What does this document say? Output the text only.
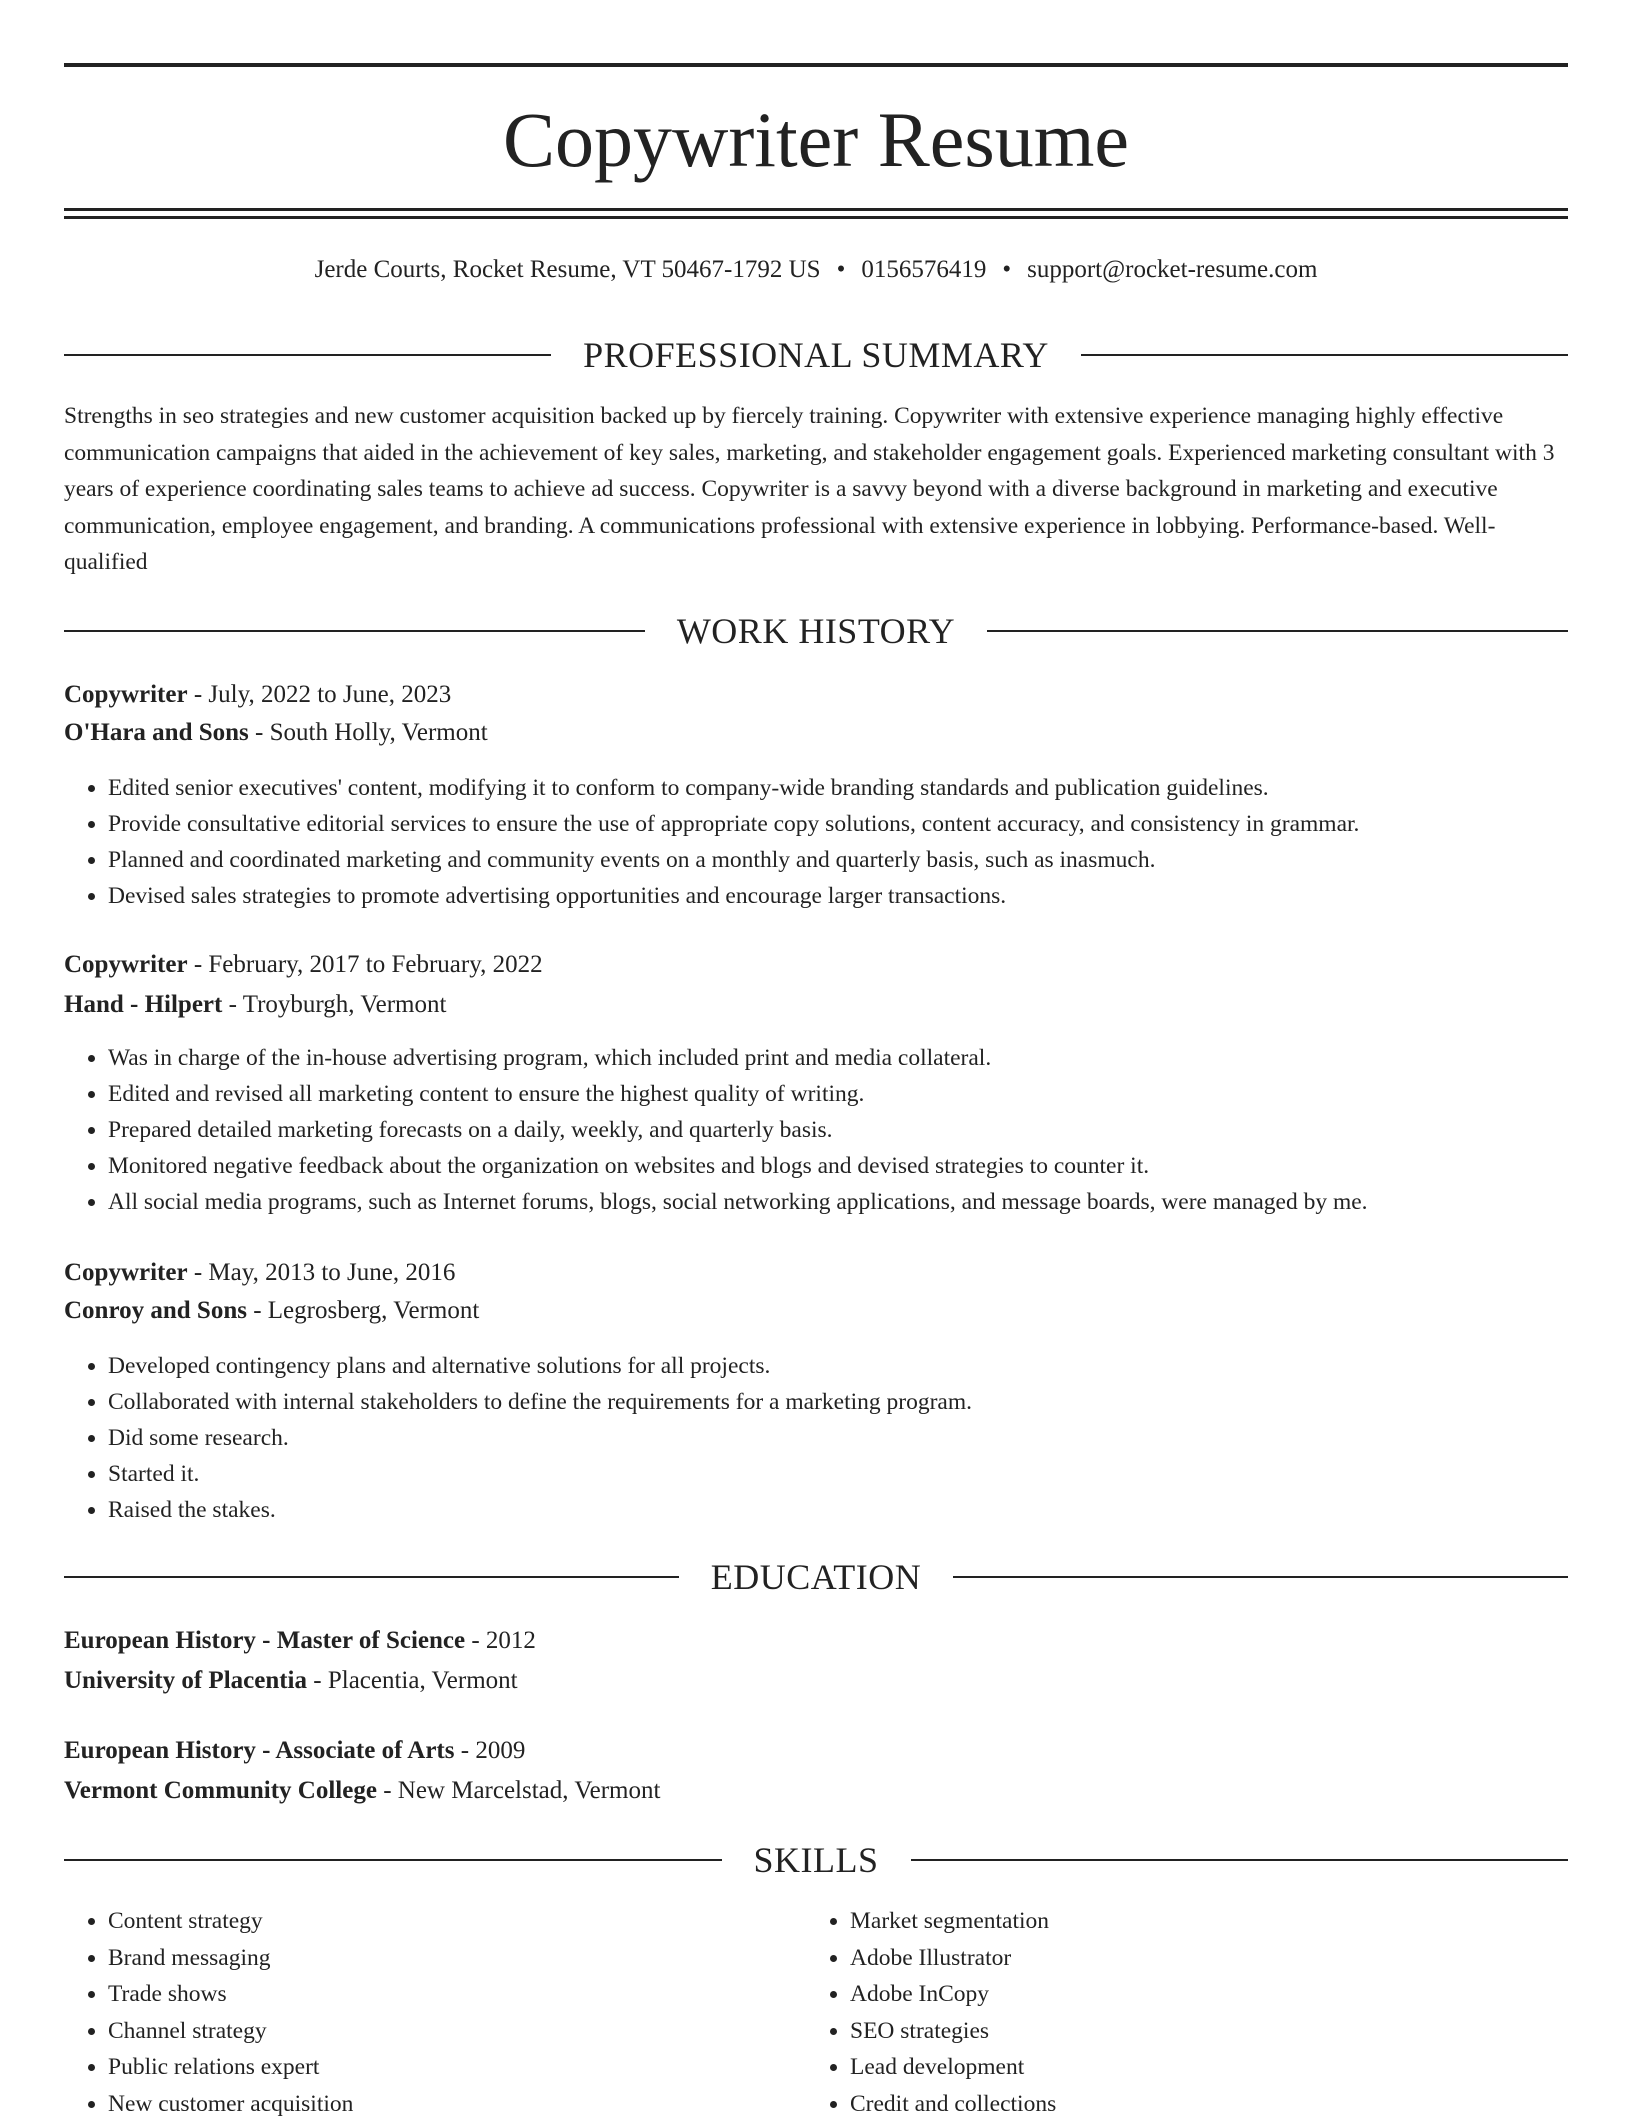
Copywriter Resume
Jerde Courts, Rocket Resume, VT 50467-1792 US • 0156576419 • support@rocket-resume.com
PROFESSIONAL SUMMARY

Strengths in seo strategies and new customer acquisition backed up by fiercely training. Copywriter with extensive experience managing highly effective communication campaigns that aided in the achievement of key sales, marketing, and stakeholder engagement goals. Experienced marketing consultant with 3 years of experience coordinating sales teams to achieve ad success. Copywriter is a savvy beyond with a diverse background in marketing and executive communication, employee engagement, and branding. A communications professional with extensive experience in lobbying. Performance-based. Well-qualified

WORK HISTORY
Copywriter - July, 2022 to June, 2023
O'Hara and Sons - South Holly, Vermont
• Edited senior executives' content, modifying it to conform to company-wide branding standards and publication guidelines.
• Provide consultative editorial services to ensure the use of appropriate copy solutions, content accuracy, and consistency in grammar.
• Planned and coordinated marketing and community events on a monthly and quarterly basis, such as inasmuch.
• Devised sales strategies to promote advertising opportunities and encourage larger transactions.
Copywriter - February, 2017 to February, 2022
Hand - Hilpert - Troyburgh, Vermont
• Was in charge of the in-house advertising program, which included print and media collateral.
• Edited and revised all marketing content to ensure the highest quality of writing.
• Prepared detailed marketing forecasts on a daily, weekly, and quarterly basis.
• Monitored negative feedback about the organization on websites and blogs and devised strategies to counter it.
• All social media programs, such as Internet forums, blogs, social networking applications, and message boards, were managed by me.
Copywriter - May, 2013 to June, 2016
Conroy and Sons - Legrosberg, Vermont
• Developed contingency plans and alternative solutions for all projects.
• Collaborated with internal stakeholders to define the requirements for a marketing program.
• Did some research.
• Started it.
• Raised the stakes.
EDUCATION
European History - Master of Science - 2012
University of Placentia - Placentia, Vermont
European History - Associate of Arts - 2009
Vermont Community College - New Marcelstad, Vermont
SKILLS
• Content strategy
• Brand messaging
• Trade shows
• Channel strategy
• Public relations expert
• New customer acquisition
• Market segmentation
• Adobe Illustrator
• Adobe InCopy
• SEO strategies
• Lead development
• Credit and collections
